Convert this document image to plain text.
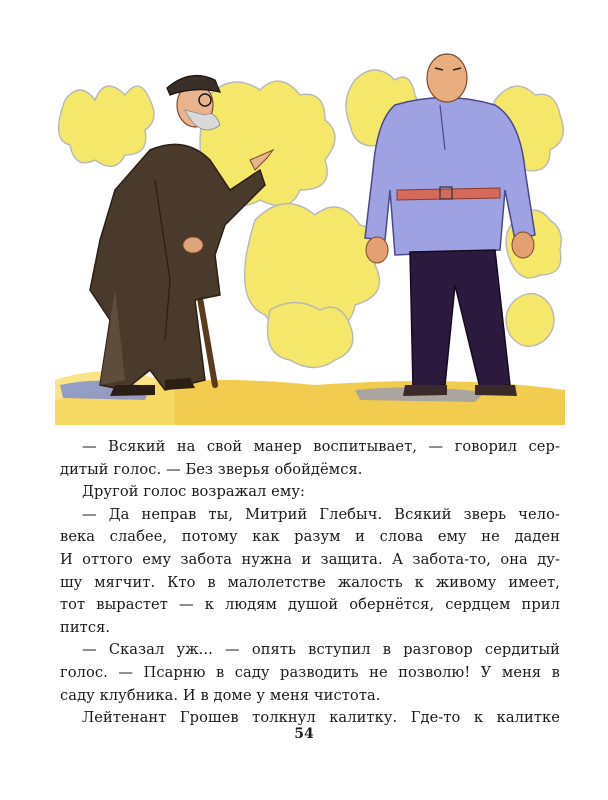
— Всякий на свой манер воспитывает, — говорил сер-
дитый голос. — Без зверья обойдёмся.
Другой голос возражал ему:
— Да неправ ты, Митрий Глебыч. Всякий зверь чело-
века слабее, потому как разум и слова ему не даден
И оттого ему забота нужна и защита. А забота-то, она ду-
шу мягчит. Кто в малолетстве жалость к живому имеет,
тот вырастет — к людям душой обернётся, сердцем прил
пится.
— Сказал уж... — опять вступил в разговор сердитый
голос. — Псарню в саду разводить не позволю! У меня в
саду клубника. И в доме у меня чистота.
Лейтенант Грошев толкнул калитку. Где-то к калитке
54
